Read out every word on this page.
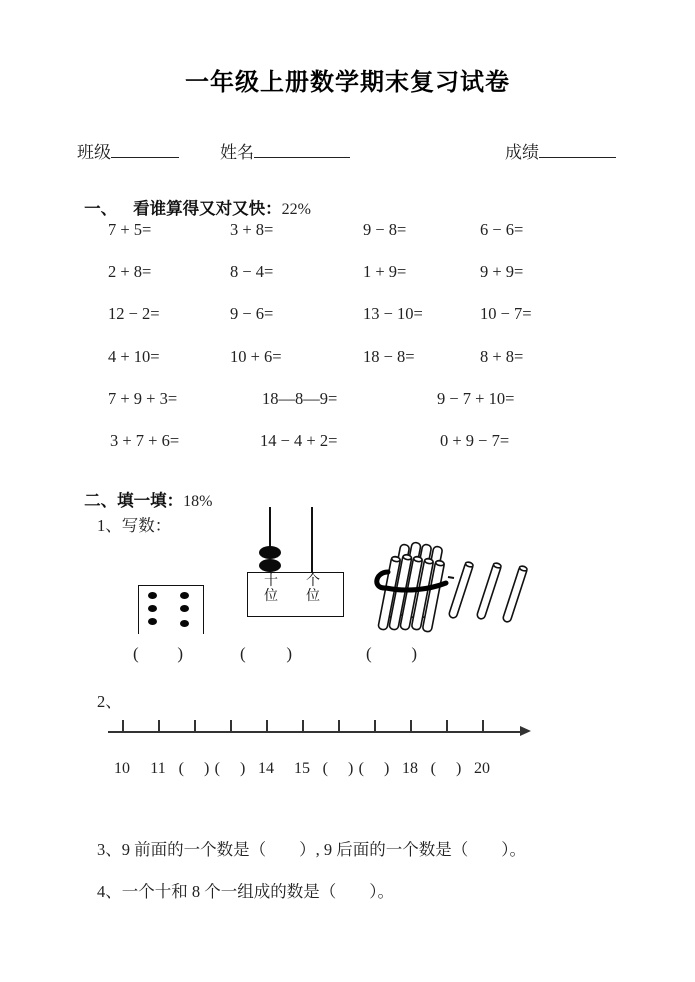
一年级上册数学期末复习试卷
班级	姓名	成绩

一、 看谁算得又对又快：22%

7 + 5=	3 + 8=	9 − 8=	6 − 6=
2 + 8=	8 − 4=	1 + 9=	9 + 9=
12 − 2=	9 − 6=	13 − 10=	10 − 7=
4 + 10=	10 + 6=	18 − 8=	8 + 8=
7 + 9 + 3=	18—8—9=	9 − 7 + 10=
3 + 7 + 6=	14 − 4 + 2=	0 + 9 − 7=

二、填一填：18%

1、写数：
十
位
个
位
( )	( )	( )
2、
10	11 (     ) (     ) 14	15 (     ) (     ) 18 (     ) 20
3、9 前面的一个数是（　　）, 9 后面的一个数是（　　）。
4、一个十和 8 个一组成的数是（　　）。
